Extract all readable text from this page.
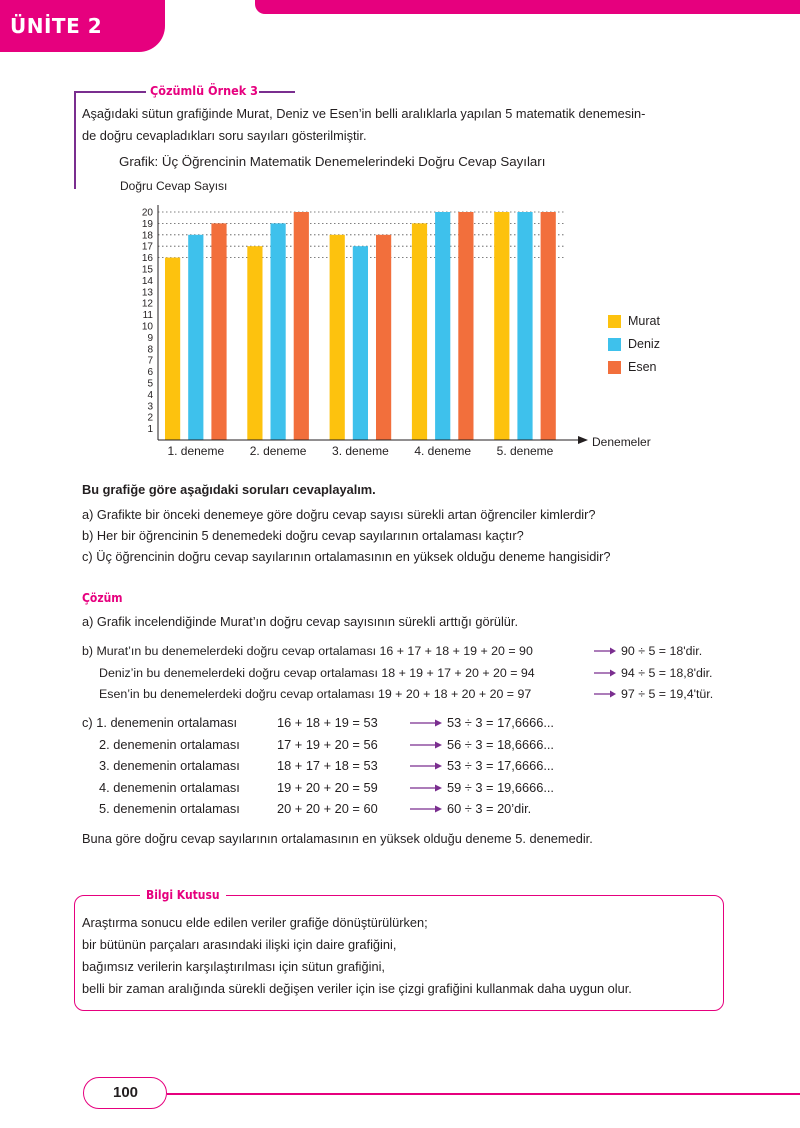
ÜNİTE 2
Çözümlü Örnek 3
Aşağıdaki sütun grafiğinde Murat, Deniz ve Esen’in belli aralıklarla yapılan 5 matematik denemesin-
de doğru cevapladıkları soru sayıları gösterilmiştir.
Grafik: Üç Öğrencinin Matematik Denemelerindeki Doğru Cevap Sayıları
Doğru Cevap Sayısı
1
2
3
4
5
6
7
8
9
10
11
12
13
14
15
16
17
18
19
20
1. deneme 2. deneme 3. deneme 4. deneme 5. deneme
Denemeler
Murat
Deniz
Esen
Bu grafiğe göre aşağıdaki soruları cevaplayalım.
a) Grafikte bir önceki denemeye göre doğru cevap sayısı sürekli artan öğrenciler kimlerdir?
b) Her bir öğrencinin 5 denemedeki doğru cevap sayılarının ortalaması kaçtır?
c) Üç öğrencinin doğru cevap sayılarının ortalamasının en yüksek olduğu deneme hangisidir?
Çözüm
a) Grafik incelendiğinde Murat’ın doğru cevap sayısının sürekli arttığı görülür.
b) Murat’ın bu denemelerdeki doğru cevap ortalaması 16 + 17 + 18 + 19 + 20 = 90	90 ÷ 5 = 18'dir.
Deniz’in bu denemelerdeki doğru cevap ortalaması 18 + 19 + 17 + 20 + 20 = 94	94 ÷ 5 = 18,8'dir.
Esen’in bu denemelerdeki doğru cevap ortalaması 19 + 20 + 18 + 20 + 20 = 97	97 ÷ 5 = 19,4'tür.
c) 1. denemenin ortalaması	16 + 18 + 19 = 53	53 ÷ 3 = 17,6666...
2. denemenin ortalaması	17 + 19 + 20 = 56	56 ÷ 3 = 18,6666...
3. denemenin ortalaması	18 + 17 + 18 = 53	53 ÷ 3 = 17,6666...
4. denemenin ortalaması	19 + 20 + 20 = 59	59 ÷ 3 = 19,6666...
5. denemenin ortalaması	20 + 20 + 20 = 60	60 ÷ 3 = 20’dir.
Buna göre doğru cevap sayılarının ortalamasının en yüksek olduğu deneme 5. denemedir.
Bilgi Kutusu
Araştırma sonucu elde edilen veriler grafiğe dönüştürülürken;
bir bütünün parçaları arasındaki ilişki için daire grafiğini,
bağımsız verilerin karşılaştırılması için sütun grafiğini,
belli bir zaman aralığında sürekli değişen veriler için ise çizgi grafiğini kullanmak daha uygun olur.
100
